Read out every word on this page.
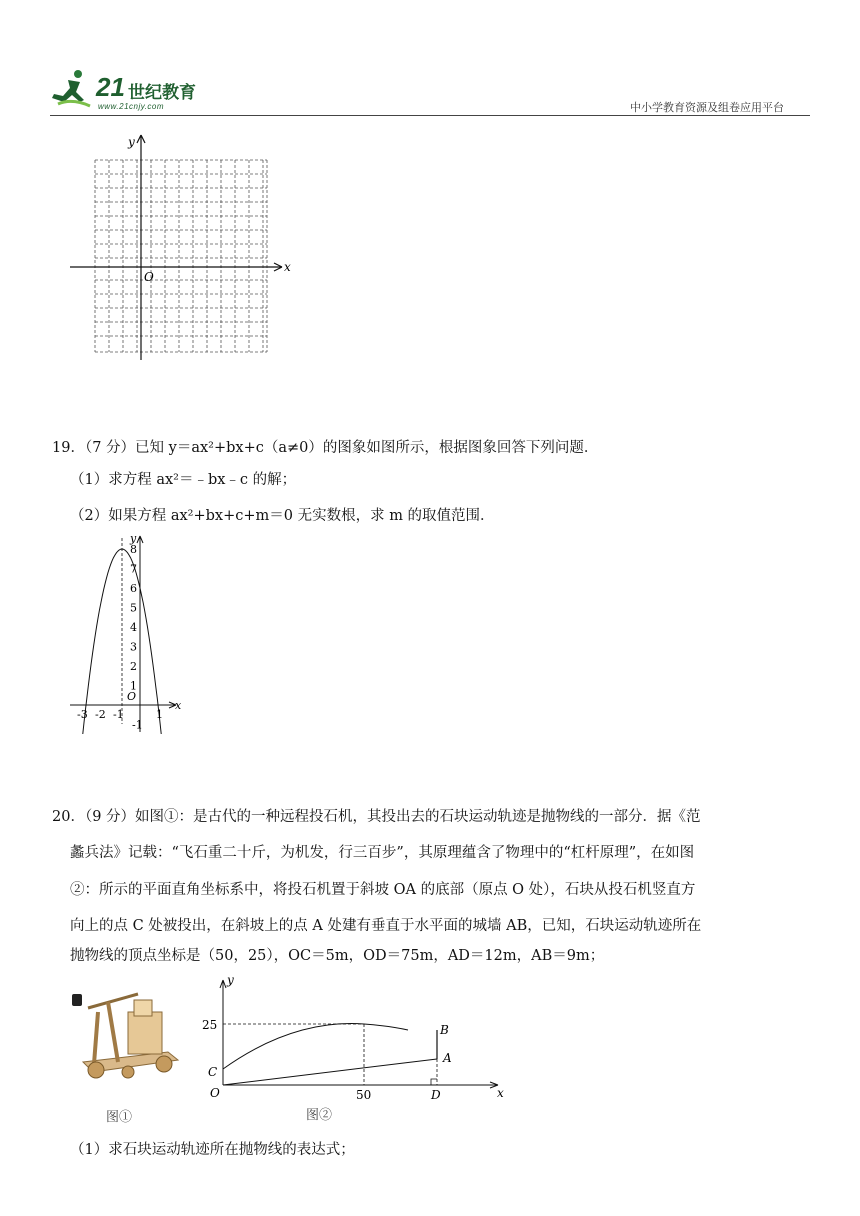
21 世纪教育
www.21cnjy.com	中小学教育资源及组卷应用平台
y
x
O
19．（7 分）已知 y＝ax²+bx+c（a≠0）的图象如图所示，根据图象回答下列问题．
（1）求方程 ax²＝﹣bx﹣c 的解；
（2）如果方程 ax²+bx+c+m＝0 无实数根，求 m 的取值范围．
y
x
O
8
7
6
5
4
3
2
1
-1
-3 -2 -1	1
20．（9 分）如图①：是古代的一种远程投石机，其投出去的石块运动轨迹是抛物线的一部分．据《范
蠡兵法》记载：“飞石重二十斤，为机发，行三百步”，其原理蕴含了物理中的“杠杆原理”，在如图
②：所示的平面直角坐标系中，将投石机置于斜坡 OA 的底部（原点 O 处），石块从投石机竖直方
向上的点 C 处被投出，在斜坡上的点 A 处建有垂直于水平面的城墙 AB，已知，石块运动轨迹所在
抛物线的顶点坐标是（50，25），OC＝5m，OD＝75m，AD＝12m，AB＝9m；
图①
y
x
25
50
O
C
A
B
D
图②
（1）求石块运动轨迹所在抛物线的表达式；
